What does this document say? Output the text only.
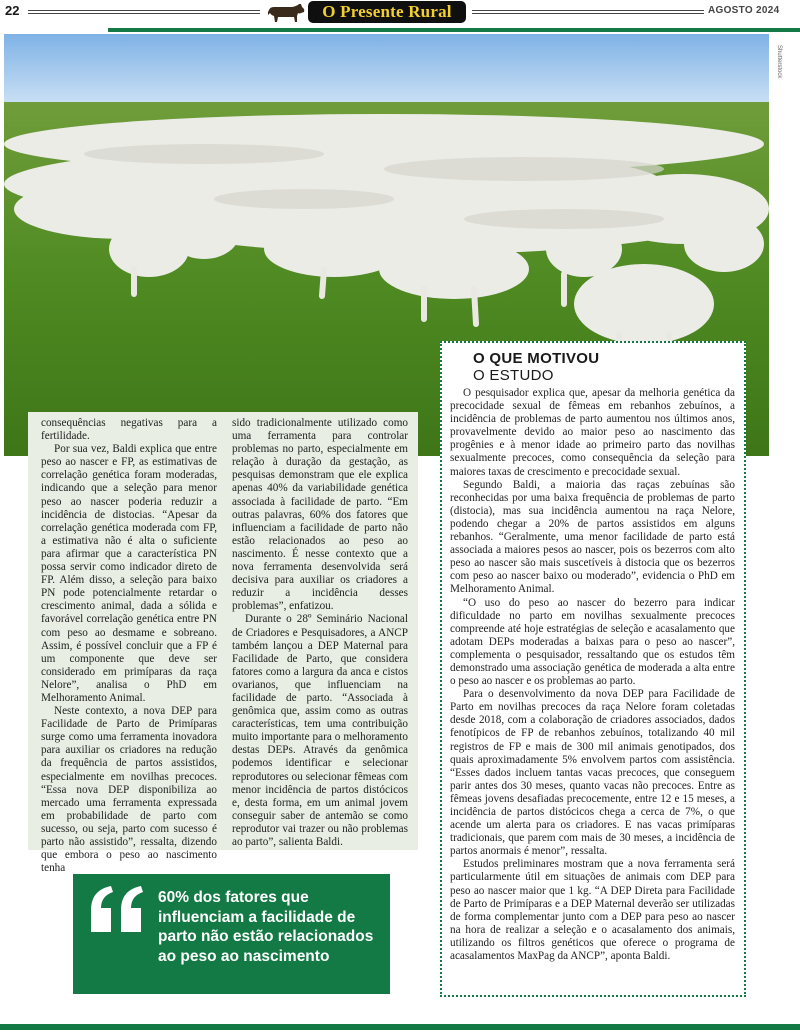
22	O Presente Rural	AGOSTO 2024
Shutterstock

consequências negativas para a fertilidade.

Por sua vez, Baldi explica que entre peso ao nascer e FP, as estimativas de correlação genética foram moderadas, indicando que a seleção para menor peso ao nascer poderia reduzir a incidência de distocias. “Apesar da correlação genética moderada com FP, a estimativa não é alta o suficiente para afirmar que a característica PN possa servir como indicador direto de FP. Além disso, a seleção para baixo PN pode potencialmente retardar o crescimento animal, dada a sólida e favorável correlação genética entre PN com peso ao desmame e sobreano. Assim, é possível concluir que a FP é um componente que deve ser considerado em primíparas da raça Nelore”, analisa o PhD em Melhoramento Animal.

Neste contexto, a nova DEP para Facilidade de Parto de Primíparas surge como uma ferramenta inovadora para auxiliar os criadores na redução da frequência de partos assistidos, especialmente em novilhas precoces. “Essa nova DEP disponibiliza ao mercado uma ferramenta expressada em probabilidade de parto com sucesso, ou seja, parto com sucesso é parto não assistido”, ressalta, dizendo que embora o peso ao nascimento tenha

sido tradicionalmente utilizado como uma ferramenta para controlar problemas no parto, especialmente em relação à duração da gestação, as pesquisas demonstram que ele explica apenas 40% da variabilidade genética associada à facilidade de parto. “Em outras palavras, 60% dos fatores que influenciam a facilidade de parto não estão relacionados ao peso ao nascimento. É nesse contexto que a nova ferramenta desenvolvida será decisiva para auxiliar os criadores a reduzir a incidência desses problemas”, enfatizou.

Durante o 28º Seminário Nacional de Criadores e Pesquisadores, a ANCP também lançou a DEP Maternal para Facilidade de Parto, que considera fatores como a largura da anca e cistos ovarianos, que influenciam na facilidade de parto. “Associada à genômica que, assim como as outras características, tem uma contribuição muito importante para o melhoramento destas DEPs. Através da genômica podemos identificar e selecionar reprodutores ou selecionar fêmeas com menor incidência de partos distócicos e, desta forma, em um animal jovem conseguir saber de antemão se como reprodutor vai trazer ou não problemas ao parto”, salienta Baldi.

O QUE MOTIVOU
O ESTUDO

O pesquisador explica que, apesar da melhoria genética da precocidade sexual de fêmeas em rebanhos zebuínos, a incidência de problemas de parto aumentou nos últimos anos, provavelmente devido ao maior peso ao nascimento das progênies e à menor idade ao primeiro parto das novilhas sexualmente precoces, como consequência da seleção para maiores taxas de crescimento e precocidade sexual.

Segundo Baldi, a maioria das raças zebuínas são reconhecidas por uma baixa frequência de problemas de parto (distocia), mas sua incidência aumentou na raça Nelore, podendo chegar a 20% de partos assistidos em alguns rebanhos. “Geralmente, uma menor facilidade de parto está associada a maiores pesos ao nascer, pois os bezerros com alto peso ao nascer são mais suscetíveis à distocia que os bezerros com peso ao nascer baixo ou moderado”, evidencia o PhD em Melhoramento Animal.

“O uso do peso ao nascer do bezerro para indicar dificuldade no parto em novilhas sexualmente precoces compreende até hoje estratégias de seleção e acasalamento que adotam DEPs moderadas a baixas para o peso ao nascer”, complementa o pesquisador, ressaltando que os estudos têm demonstrado uma associação genética de moderada a alta entre o peso ao nascer e os problemas ao parto.

Para o desenvolvimento da nova DEP para Facilidade de Parto em novilhas precoces da raça Nelore foram coletadas desde 2018, com a colaboração de criadores associados, dados fenotípicos de FP de rebanhos zebuínos, totalizando 40 mil registros de FP e mais de 300 mil animais genotipados, dos quais aproximadamente 5% envolvem partos com assistência. “Esses dados incluem tantas vacas precoces, que conseguem parir antes dos 30 meses, quanto vacas não precoces. Entre as fêmeas jovens desafiadas precocemente, entre 12 e 15 meses, a incidência de partos distócicos chega a cerca de 7%, o que acende um alerta para os criadores. E nas vacas primíparas tradicionais, que parem com mais de 30 meses, a incidência de partos anormais é menor”, ressalta.

Estudos preliminares mostram que a nova ferramenta será particularmente útil em situações de animais com DEP para peso ao nascer maior que 1 kg. “A DEP Direta para Facilidade de Parto de Primíparas e a DEP Maternal deverão ser utilizadas de forma complementar junto com a DEP para peso ao nascer na hora de realizar a seleção e o acasalamento dos animais, utilizando os filtros genéticos que oferece o programa de acasalamentos MaxPag da ANCP”, aponta Baldi.

60% dos fatores que influenciam a facilidade de parto não estão relacionados ao peso ao nascimento
